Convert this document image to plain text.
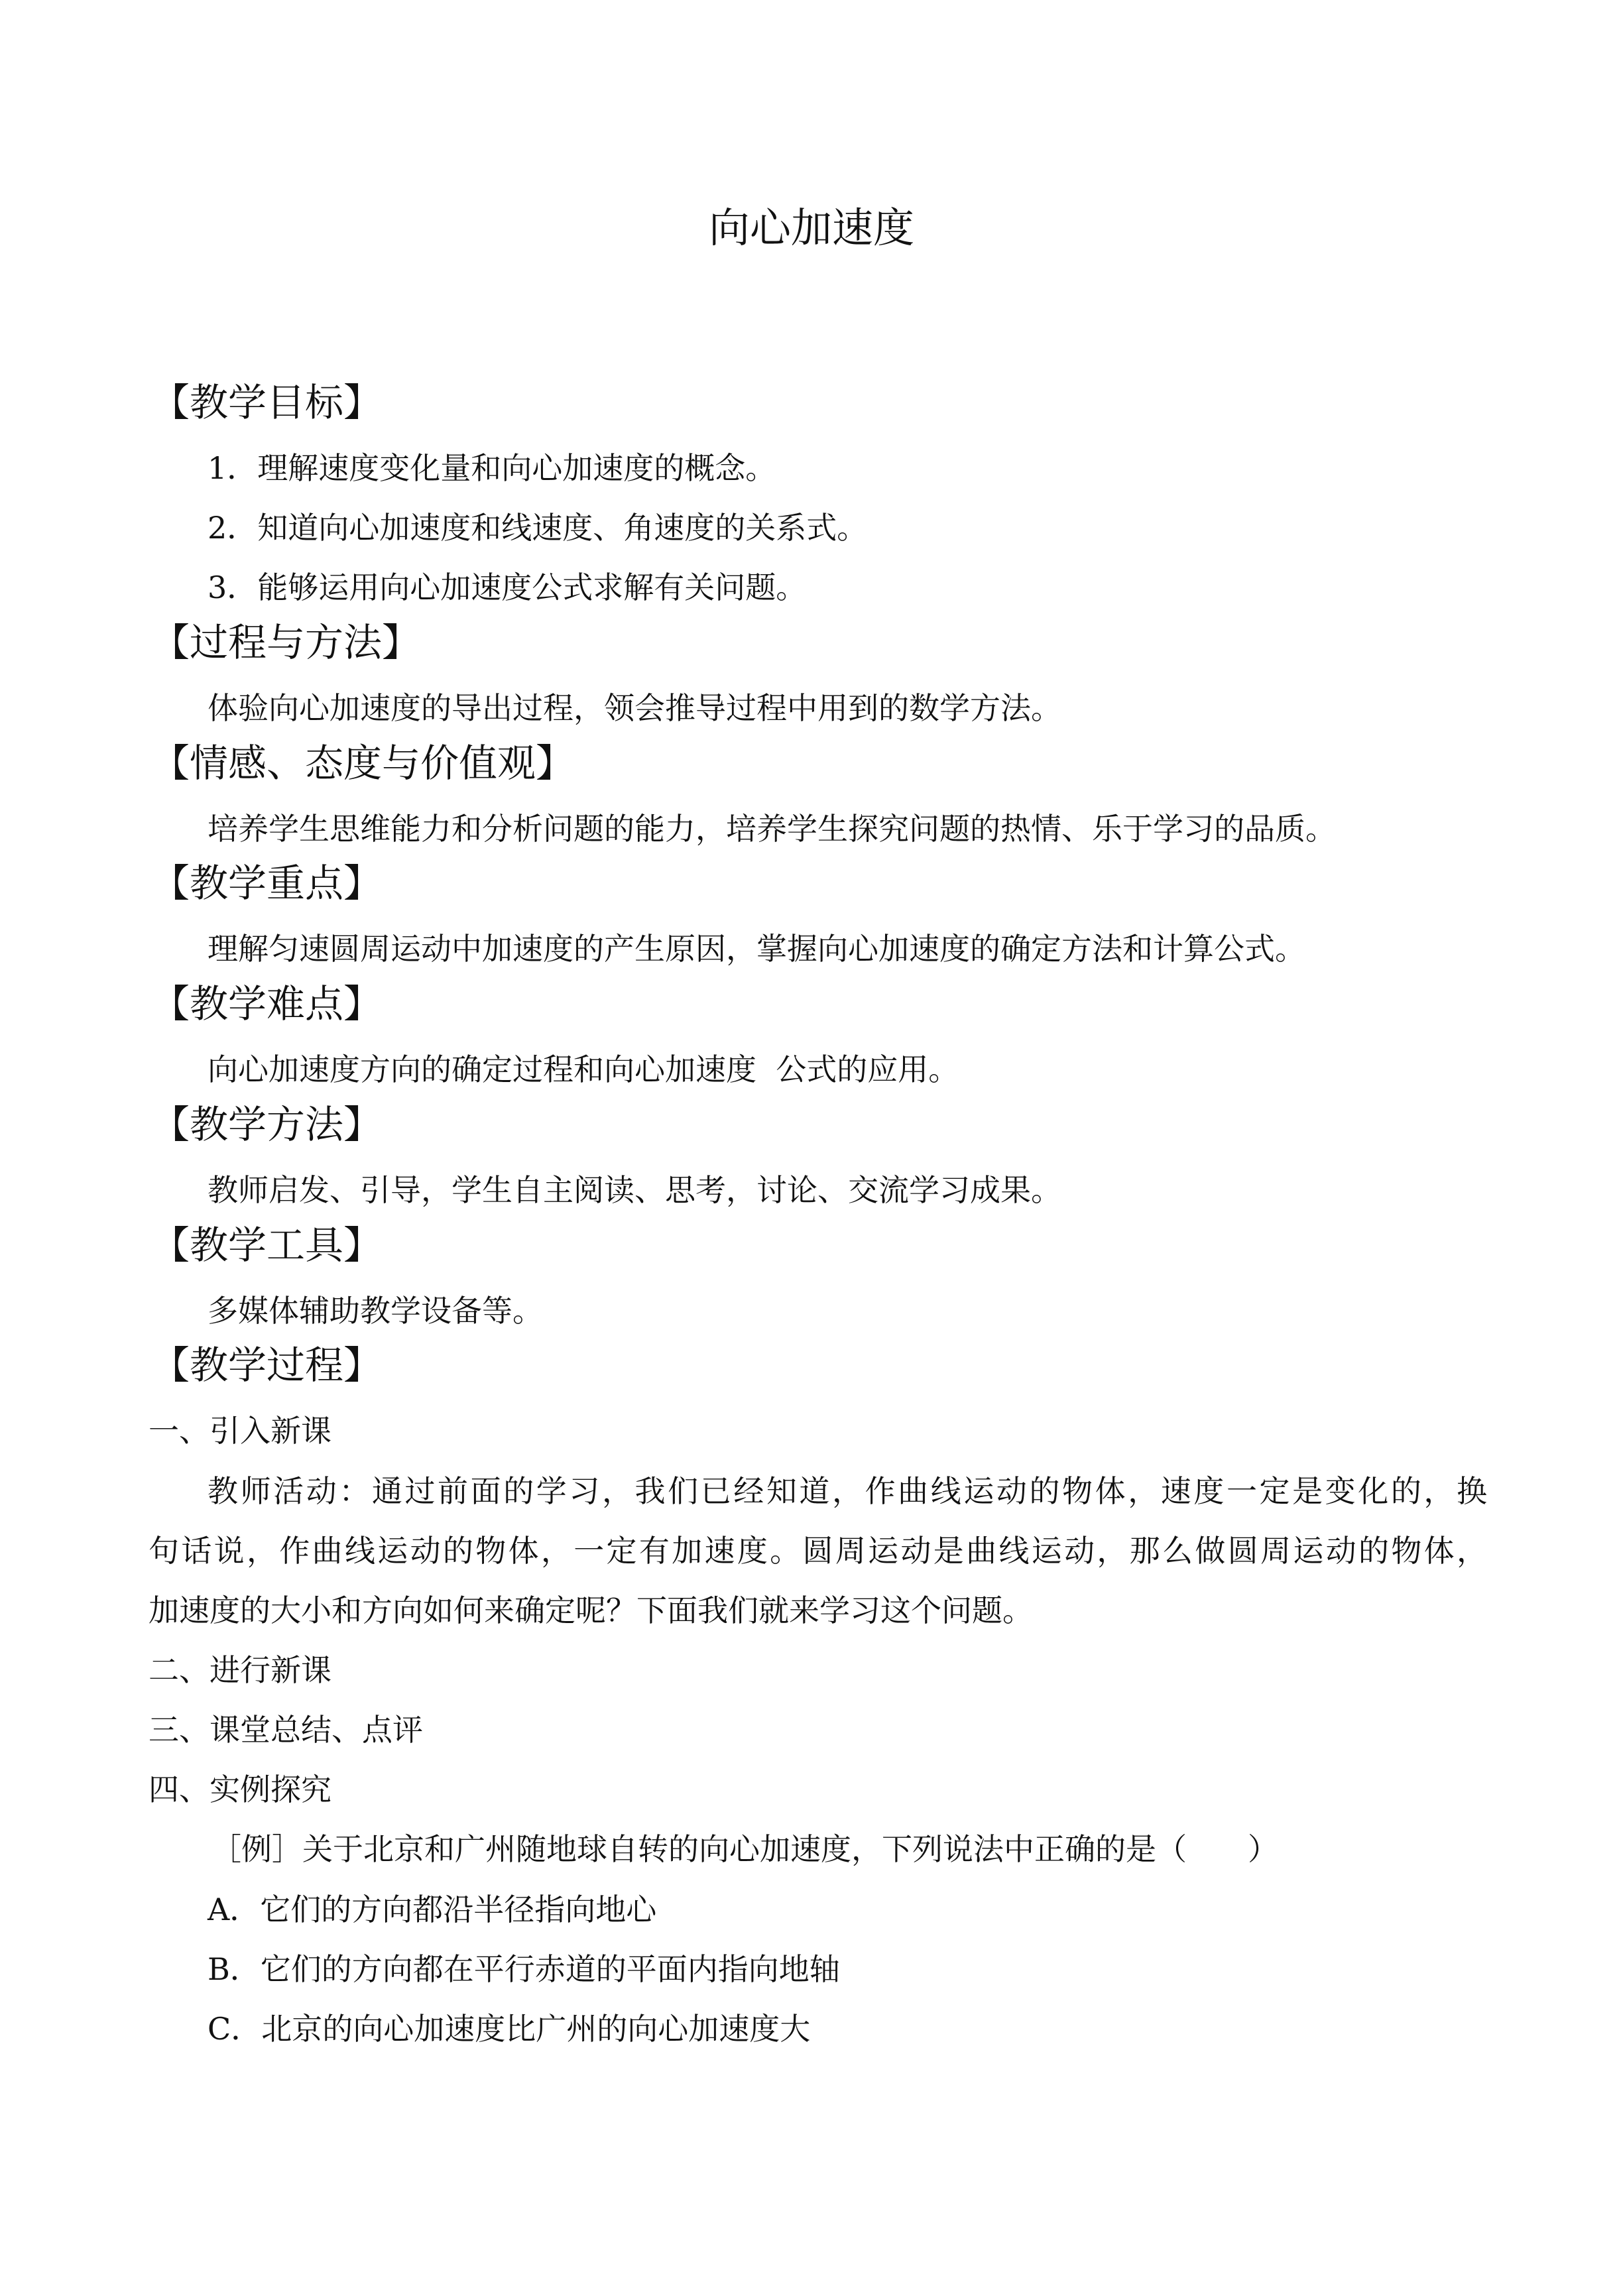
向心加速度
【教学目标】
1．理解速度变化量和向心加速度的概念。
2．知道向心加速度和线速度、角速度的关系式。
3．能够运用向心加速度公式求解有关问题。
【过程与方法】
体验向心加速度的导出过程，领会推导过程中用到的数学方法。
【情感、态度与价值观】
培养学生思维能力和分析问题的能力，培养学生探究问题的热情、乐于学习的品质。
【教学重点】
理解匀速圆周运动中加速度的产生原因，掌握向心加速度的确定方法和计算公式。
【教学难点】
向心加速度方向的确定过程和向心加速度  公式的应用。
【教学方法】
教师启发、引导，学生自主阅读、思考，讨论、交流学习成果。
【教学工具】
多媒体辅助教学设备等。
【教学过程】
一、引入新课
教师活动：通过前面的学习，我们已经知道，作曲线运动的物体，速度一定是变化的，换
句话说，作曲线运动的物体，一定有加速度。圆周运动是曲线运动，那么做圆周运动的物体，
加速度的大小和方向如何来确定呢？下面我们就来学习这个问题。
二、进行新课
三、课堂总结、点评
四、实例探究
［例］关于北京和广州随地球自转的向心加速度，下列说法中正确的是（　　）
A．它们的方向都沿半径指向地心
B．它们的方向都在平行赤道的平面内指向地轴
C．北京的向心加速度比广州的向心加速度大
